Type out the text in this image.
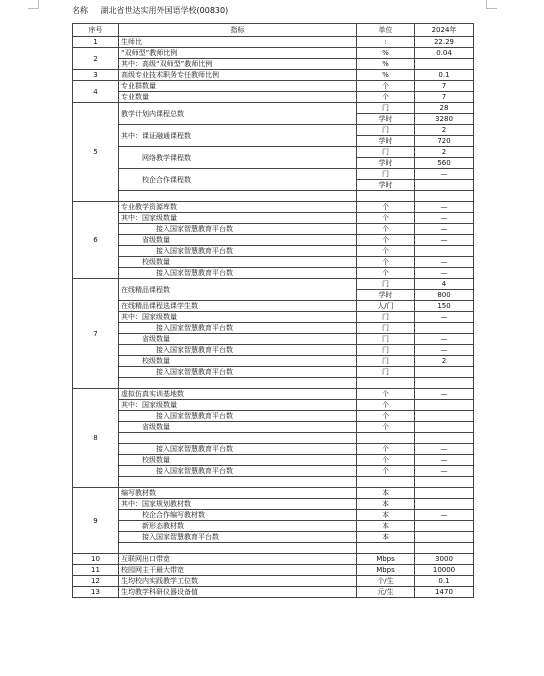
名称 湖北省世达实用外国语学校(00830)
序号	指标	单位	2024年
1	生师比	:	22.29
2	“双师型”教师比例	%	0.04
	其中：高级“双师型”教师比例	%	
3	高级专业技术职务专任教师比例	%	0.1
4	专业群数量	个	7
	专业数量	个	7
5	教学计划内课程总数	门	28
		学时	3280
	其中：课证融通课程数	门	2
		学时	720
	网络教学课程数	门	2
		学时	560
	校企合作课程数	门	—
		学时	

6	专业教学资源库数	个	—
	其中：国家级数量	个	—
	接入国家智慧教育平台数	个	—
	省级数量	个	—
	接入国家智慧教育平台数	个	
	校级数量	个	—
	接入国家智慧教育平台数	个	—
7	在线精品课程数	门	4
		学时	800
	在线精品课程选课学生数	人/门	150
	其中：国家级数量	门	—
	接入国家智慧教育平台数	门	
	省级数量	门	—
	接入国家智慧教育平台数	门	—
	校级数量	门	2
	接入国家智慧教育平台数	门	

8	虚拟仿真实训基地数	个	—
	其中：国家级数量	个	
	接入国家智慧教育平台数	个	
	省级数量	个	

	接入国家智慧教育平台数	个	—
	校级数量	个	—
	接入国家智慧教育平台数	个	—

9	编写教材数	本	
	其中：国家规划教材数	本	
	校企合作编写教材数	本	—
	新形态教材数	本	
	接入国家智慧教育平台数	本	

10	互联网出口带宽	Mbps	3000
11	校园网主干最大带宽	Mbps	10000
12	生均校内实践教学工位数	个/生	0.1
13	生均教学科研仪器设备值	元/生	1470
